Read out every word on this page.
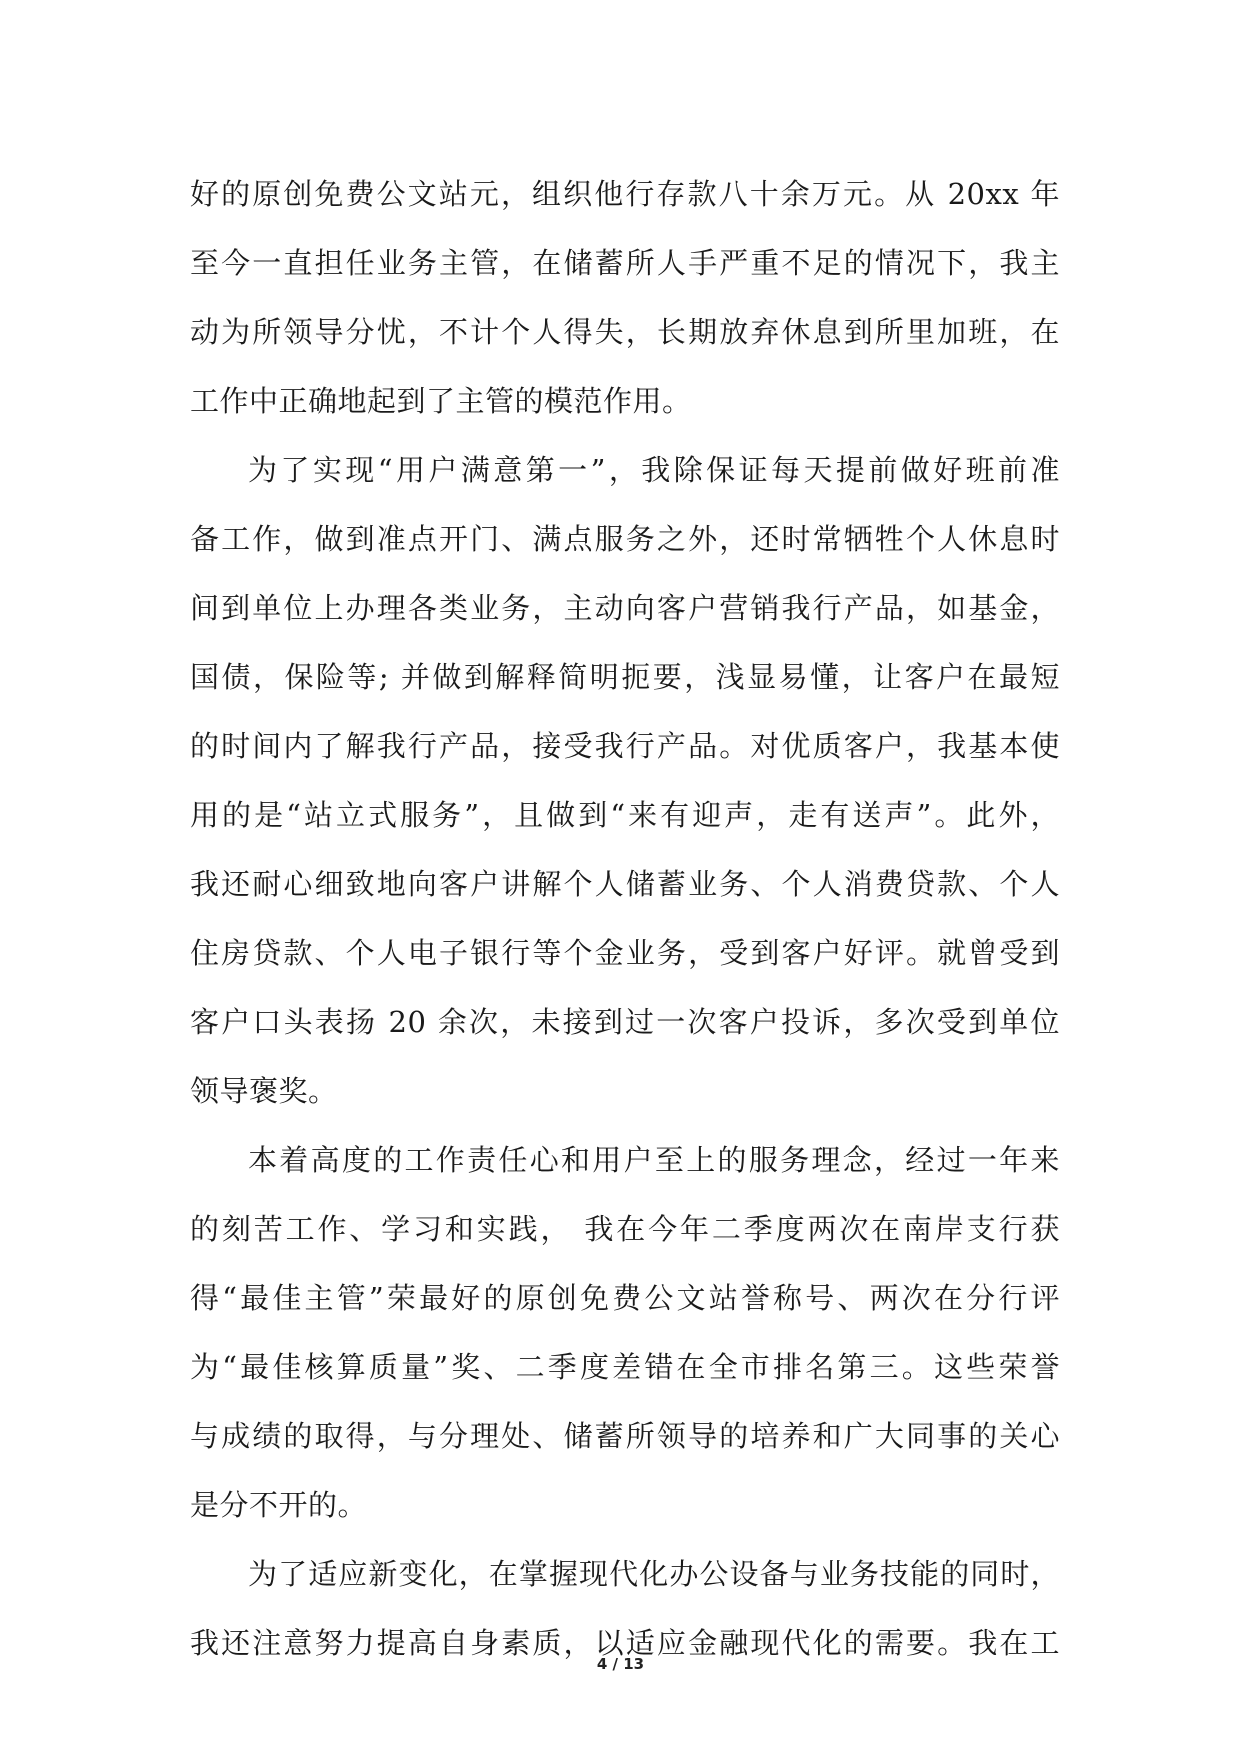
好的原创免费公文站元，组织他行存款八十余万元。从 20xx 年
至今一直担任业务主管，在储蓄所人手严重不足的情况下，我主
动为所领导分忧，不计个人得失，长期放弃休息到所里加班，在
工作中正确地起到了主管的模范作用。
为了实现“用户满意第一”，我除保证每天提前做好班前准
备工作，做到准点开门、满点服务之外，还时常牺牲个人休息时
间到单位上办理各类业务，主动向客户营销我行产品，如基金，
国债，保险等; 并做到解释简明扼要，浅显易懂，让客户在最短
的时间内了解我行产品，接受我行产品。对优质客户，我基本使
用的是“站立式服务”，且做到“来有迎声，走有送声”。此外，
我还耐心细致地向客户讲解个人储蓄业务、个人消费贷款、个人
住房贷款、个人电子银行等个金业务，受到客户好评。就曾受到
客户口头表扬 20 余次，未接到过一次客户投诉，多次受到单位
领导褒奖。
本着高度的工作责任心和用户至上的服务理念，经过一年来
的刻苦工作、学习和实践， 我在今年二季度两次在南岸支行获
得“最佳主管”荣最好的原创免费公文站誉称号、两次在分行评
为“最佳核算质量”奖、二季度差错在全市排名第三。这些荣誉
与成绩的取得，与分理处、储蓄所领导的培养和广大同事的关心
是分不开的。
为了适应新变化，在掌握现代化办公设备与业务技能的同时，
我还注意努力提高自身素质，以适应金融现代化的需要。我在工
4 / 13
